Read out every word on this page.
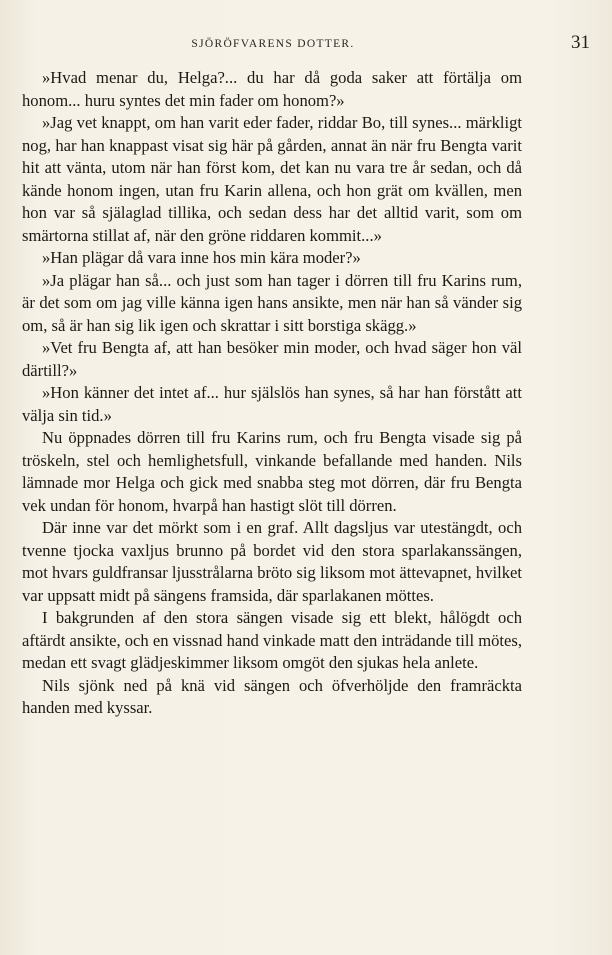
SJÖRÖFVARENS DOTTER.	31

»Hvad menar du, Helga?... du har då goda saker att förtälja om honom... huru syntes det min fader om honom?»

»Jag vet knappt, om han varit eder fader, riddar Bo, till synes... märkligt nog, har han knappast visat sig här på gården, annat än när fru Bengta varit hit att vänta, utom när han först kom, det kan nu vara tre år sedan, och då kände honom ingen, utan fru Karin allena, och hon grät om kvällen, men hon var så själaglad tillika, och sedan dess har det alltid varit, som om smärtorna stillat af, när den gröne riddaren kommit...»

»Han plägar då vara inne hos min kära moder?»

»Ja plägar han så... och just som han tager i dörren till fru Karins rum, är det som om jag ville känna igen hans ansikte, men när han så vänder sig om, så är han sig lik igen och skrattar i sitt borstiga skägg.»

»Vet fru Bengta af, att han besöker min moder, och hvad säger hon väl därtill?»

»Hon känner det intet af... hur själslös han synes, så har han förstått att välja sin tid.»

Nu öppnades dörren till fru Karins rum, och fru Bengta visade sig på tröskeln, stel och hemlighetsfull, vinkande befallande med handen. Nils lämnade mor Helga och gick med snabba steg mot dörren, där fru Bengta vek undan för honom, hvarpå han hastigt slöt till dörren.

Där inne var det mörkt som i en graf. Allt dagsljus var utestängdt, och tvenne tjocka vaxljus brunno på bordet vid den stora sparlakanssängen, mot hvars guldfransar ljusstrålarna bröto sig liksom mot ättevapnet, hvilket var uppsatt midt på sängens framsida, där sparlakanen möttes.

I bakgrunden af den stora sängen visade sig ett blekt, hålögdt och aftärdt ansikte, och en vissnad hand vinkade matt den inträdande till mötes, medan ett svagt glädjeskimmer liksom omgöt den sjukas hela anlete.

Nils sjönk ned på knä vid sängen och öfverhöljde den framräckta handen med kyssar.
